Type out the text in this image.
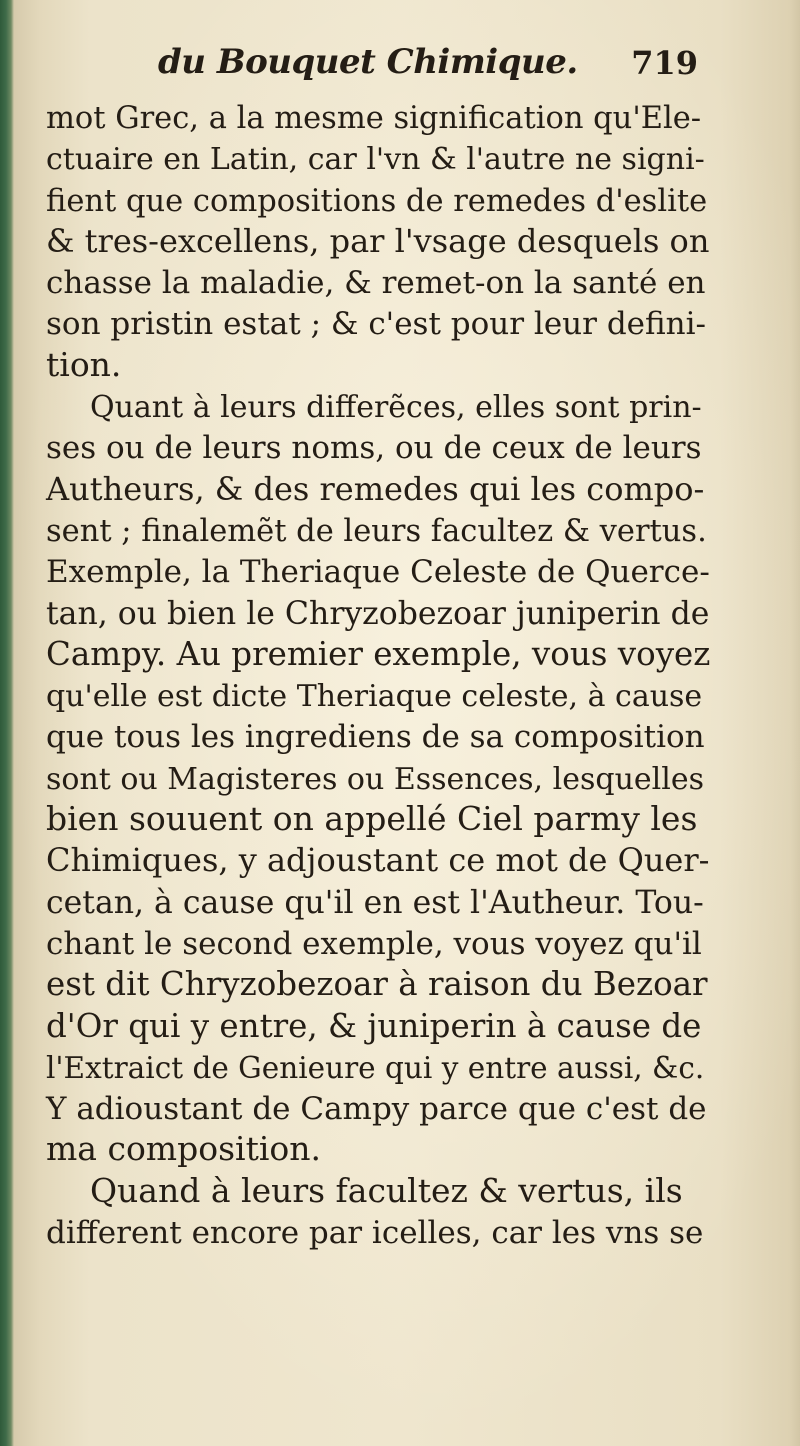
du Bouquet Chimique. 719
mot Grec, a la mesme signification qu'Ele-
ctuaire en Latin, car l'vn & l'autre ne signi-
fient que compositions de remedes d'eslite
& tres-excellens, par l'vsage desquels on
chasse la maladie, & remet-on la santé en
son pristin estat ; & c'est pour leur defini-
tion.
Quant à leurs differẽces, elles sont prin-
ses ou de leurs noms, ou de ceux de leurs
Autheurs, & des remedes qui les compo-
sent ; finalemẽt de leurs facultez & vertus.
Exemple, la Theriaque Celeste de Querce-
tan, ou bien le Chryzobezoar juniperin de
Campy. Au premier exemple, vous voyez
qu'elle est dicte Theriaque celeste, à cause
que tous les ingrediens de sa composition
sont ou Magisteres ou Essences, lesquelles
bien souuent on appellé Ciel parmy les
Chimiques, y adjoustant ce mot de Quer-
cetan, à cause qu'il en est l'Autheur. Tou-
chant le second exemple, vous voyez qu'il
est dit Chryzobezoar à raison du Bezoar
d'Or qui y entre, & juniperin à cause de
l'Extraict de Genieure qui y entre aussi, &c.
Y adioustant de Campy parce que c'est de
ma composition.
Quand à leurs facultez & vertus, ils
different encore par icelles, car les vns se
